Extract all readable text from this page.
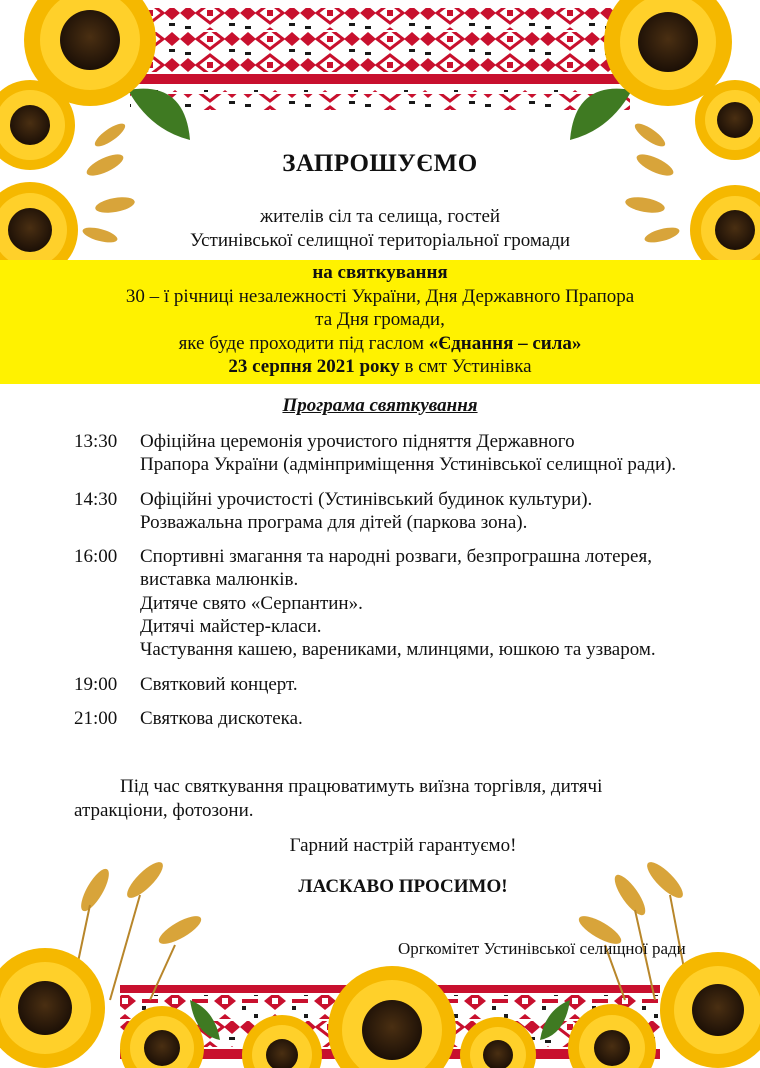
ЗАПРОШУЄМО
жителів сіл та селища, гостей
Устинівської селищної територіальної громади
на святкування
30 – ї річниці незалежності України, Дня Державного Прапора
та Дня громади,
яке буде проходити під гаслом «Єднання – сила»
23 серпня 2021 року в смт Устинівка
Програма святкування
13:30	Офіційна церемонія урочистого підняття Державного
Прапора України (адмінприміщення Устинівської селищної ради).
14:30	Офіційні урочистості (Устинівський будинок культури).
Розважальна програма для дітей (паркова зона).
16:00	Спортивні змагання та народні розваги, безпрограшна лотерея,
виставка малюнків.
Дитяче свято «Серпантин».
Дитячі майстер-класи.
Частування кашею, варениками, млинцями, юшкою та узваром.
19:00	Святковий концерт.
21:00	Святкова дискотека.
Під час святкування працюватимуть виїзна торгівля, дитячі атракціони, фотозони.
Гарний настрій гарантуємо!
ЛАСКАВО ПРОСИМО!
Оргкомітет Устинівської селищної ради
